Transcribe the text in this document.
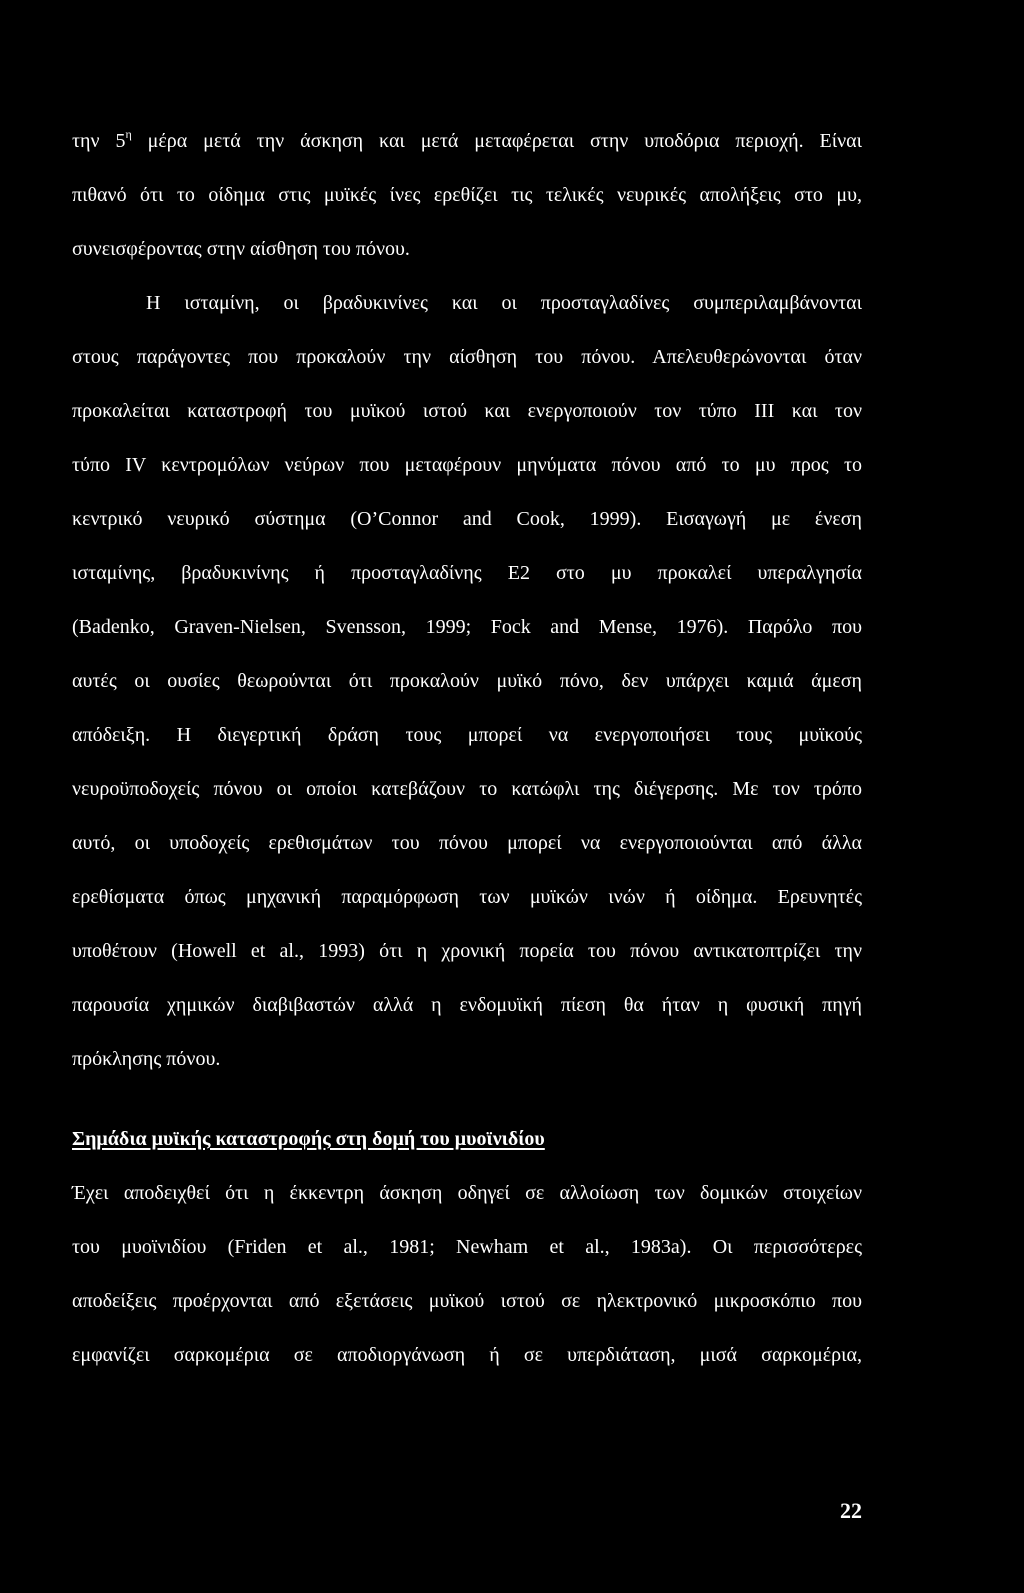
την $5^\eta$ μέρα μετά την άσκηση και μετά μεταφέρεται στην υποδόρια περιοχή. Είναι

πιθανό ότι το οίδημα στις μυϊκές ίνες ερεθίζει τις τελικές νευρικές απολήξεις στο μυ,

συνεισφέροντας στην αίσθηση του πόνου.

Η ισταμίνη, οι βραδυκινίνες και οι προσταγλαδίνες συμπεριλαμβάνονται

στους παράγοντες που προκαλούν την αίσθηση του πόνου. Απελευθερώνονται όταν

προκαλείται καταστροφή του μυϊκού ιστού και ενεργοποιούν τον τύπο ΙΙΙ και τον

τύπο IV κεντρομόλων νεύρων που μεταφέρουν μηνύματα πόνου από το μυ προς το

κεντρικό νευρικό σύστημα (O’Connor and Cook, 1999). Εισαγωγή με ένεση

ισταμίνης, βραδυκινίνης ή προσταγλαδίνης E2 στο μυ προκαλεί υπεραλγησία

(Badenko, Graven-Nielsen, Svensson, 1999; Fock and Mense, 1976). Παρόλο που

αυτές οι ουσίες θεωρούνται ότι προκαλούν μυϊκό πόνο, δεν υπάρχει καμιά άμεση

απόδειξη. Η διεγερτική δράση τους μπορεί να ενεργοποιήσει τους μυϊκούς

νευροϋποδοχείς πόνου οι οποίοι κατεβάζουν το κατώφλι της διέγερσης. Με τον τρόπο

αυτό, οι υποδοχείς ερεθισμάτων του πόνου μπορεί να ενεργοποιούνται από άλλα

ερεθίσματα όπως μηχανική παραμόρφωση των μυϊκών ινών ή οίδημα. Ερευνητές

υποθέτουν (Howell et al., 1993) ότι η χρονική πορεία του πόνου αντικατοπτρίζει την

παρουσία χημικών διαβιβαστών αλλά η ενδομυϊκή πίεση θα ήταν η φυσική πηγή

πρόκλησης πόνου.

Σημάδια μυϊκής καταστροφής στη δομή του μυοϊνιδίου

Έχει αποδειχθεί ότι η έκκεντρη άσκηση οδηγεί σε αλλοίωση των δομικών στοιχείων

του μυοϊνιδίου (Friden et al., 1981; Newham et al., 1983a). Οι περισσότερες

αποδείξεις προέρχονται από εξετάσεις μυϊκού ιστού σε ηλεκτρονικό μικροσκόπιο που

εμφανίζει σαρκομέρια σε αποδιοργάνωση ή σε υπερδιάταση, μισά σαρκομέρια,

22
